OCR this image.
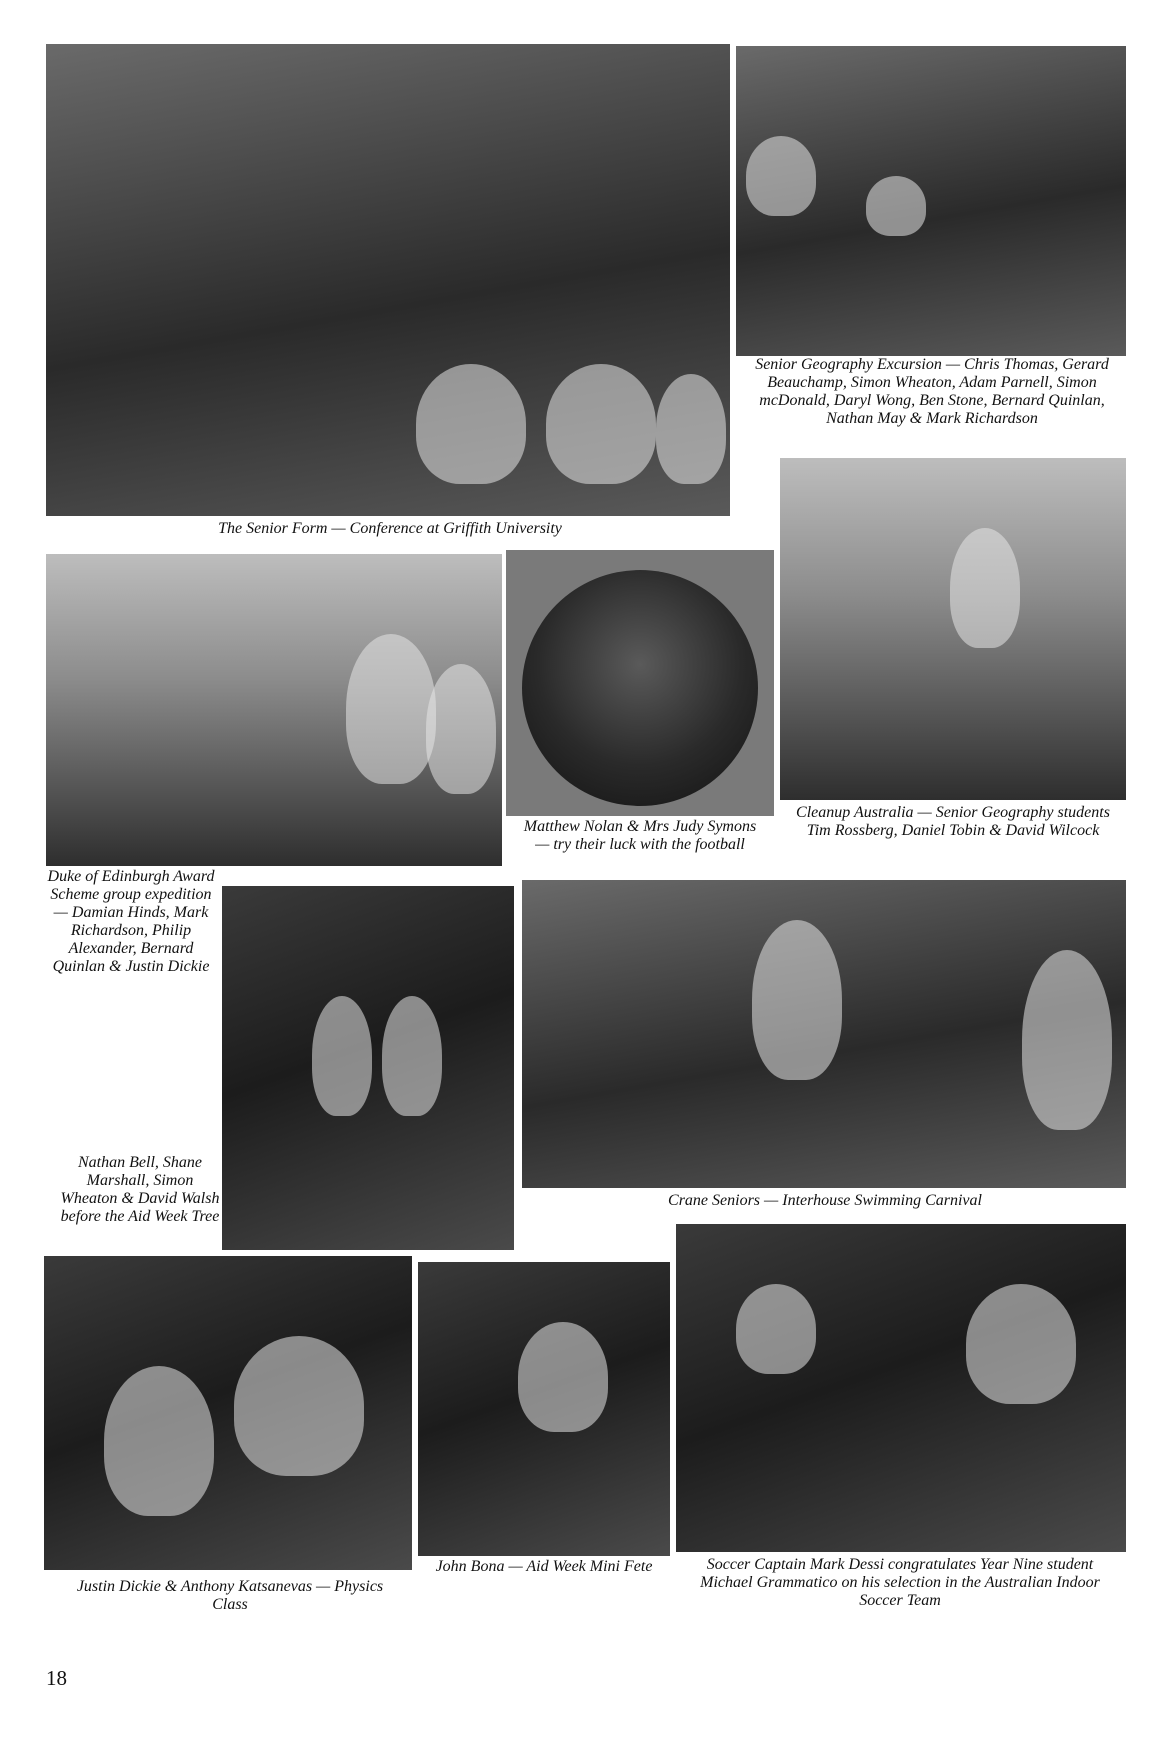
The Senior Form — Conference at Griffith University

Senior Geography Excursion — Chris Thomas, Gerard Beauchamp, Simon Wheaton, Adam Parnell, Simon mcDonald, Daryl Wong, Ben Stone, Bernard Quinlan, Nathan May & Mark Richardson

Duke of Edinburgh Award Scheme group expedition — Damian Hinds, Mark Richardson, Philip Alexander, Bernard Quinlan & Justin Dickie

Matthew Nolan & Mrs Judy Symons — try their luck with the football

Cleanup Australia — Senior Geography students Tim Rossberg, Daniel Tobin & David Wilcock

Nathan Bell, Shane Marshall, Simon Wheaton & David Walsh before the Aid Week Tree

Crane Seniors — Interhouse Swimming Carnival

Justin Dickie & Anthony Katsanevas — Physics Class

John Bona — Aid Week Mini Fete	Soccer Captain Mark Dessi congratulates Year Nine student Michael Grammatico on his selection in the Australian Indoor Soccer Team

18
